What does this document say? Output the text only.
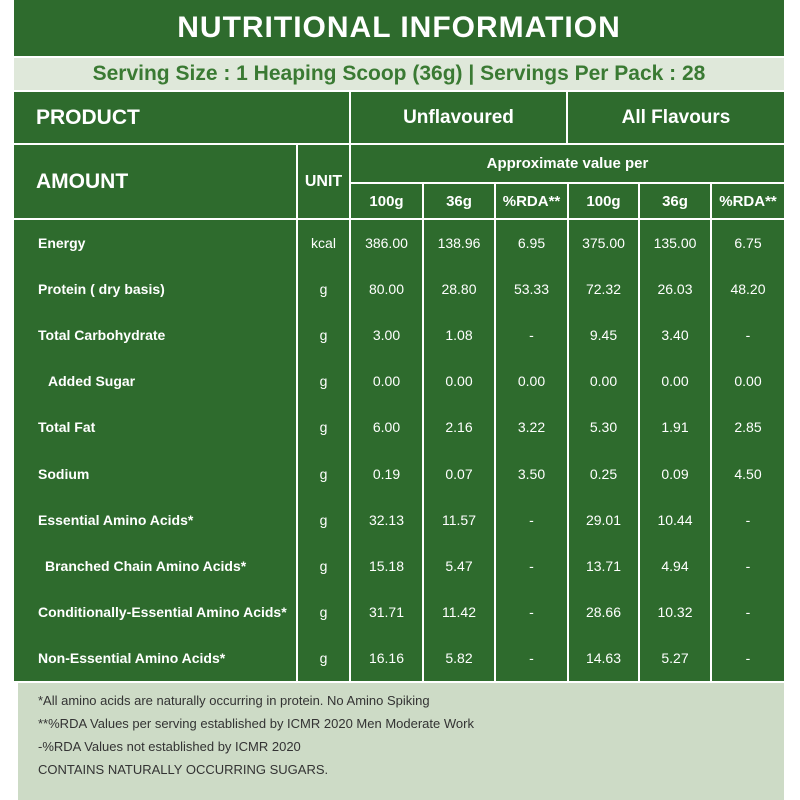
NUTRITIONAL INFORMATION
Serving Size : 1 Heaping Scoop (36g) | Servings Per Pack : 28
PRODUCT
AMOUNT	UNIT
Unflavoured	All Flavours
Approximate value per
100g	36g	%RDA**	100g	36g	%RDA**
Energy	kcal	386.00	138.96	6.95	375.00	135.00	6.75
Protein ( dry basis)	g	80.00	28.80	53.33	72.32	26.03	48.20
Total Carbohydrate	g	3.00	1.08	-	9.45	3.40	-
Added Sugar	g	0.00	0.00	0.00	0.00	0.00	0.00
Total Fat	g	6.00	2.16	3.22	5.30	1.91	2.85
Sodium	g	0.19	0.07	3.50	0.25	0.09	4.50
Essential Amino Acids*	g	32.13	11.57	-	29.01	10.44	-
Branched Chain Amino Acids*	g	15.18	5.47	-	13.71	4.94	-
Conditionally-Essential Amino Acids*	g	31.71	11.42	-	28.66	10.32	-
Non-Essential Amino Acids*	g	16.16	5.82	-	14.63	5.27	-
*All amino acids are naturally occurring in protein. No Amino Spiking
**%RDA Values per serving established by ICMR 2020 Men Moderate Work
-%RDA Values not established by ICMR 2020
CONTAINS NATURALLY OCCURRING SUGARS.
